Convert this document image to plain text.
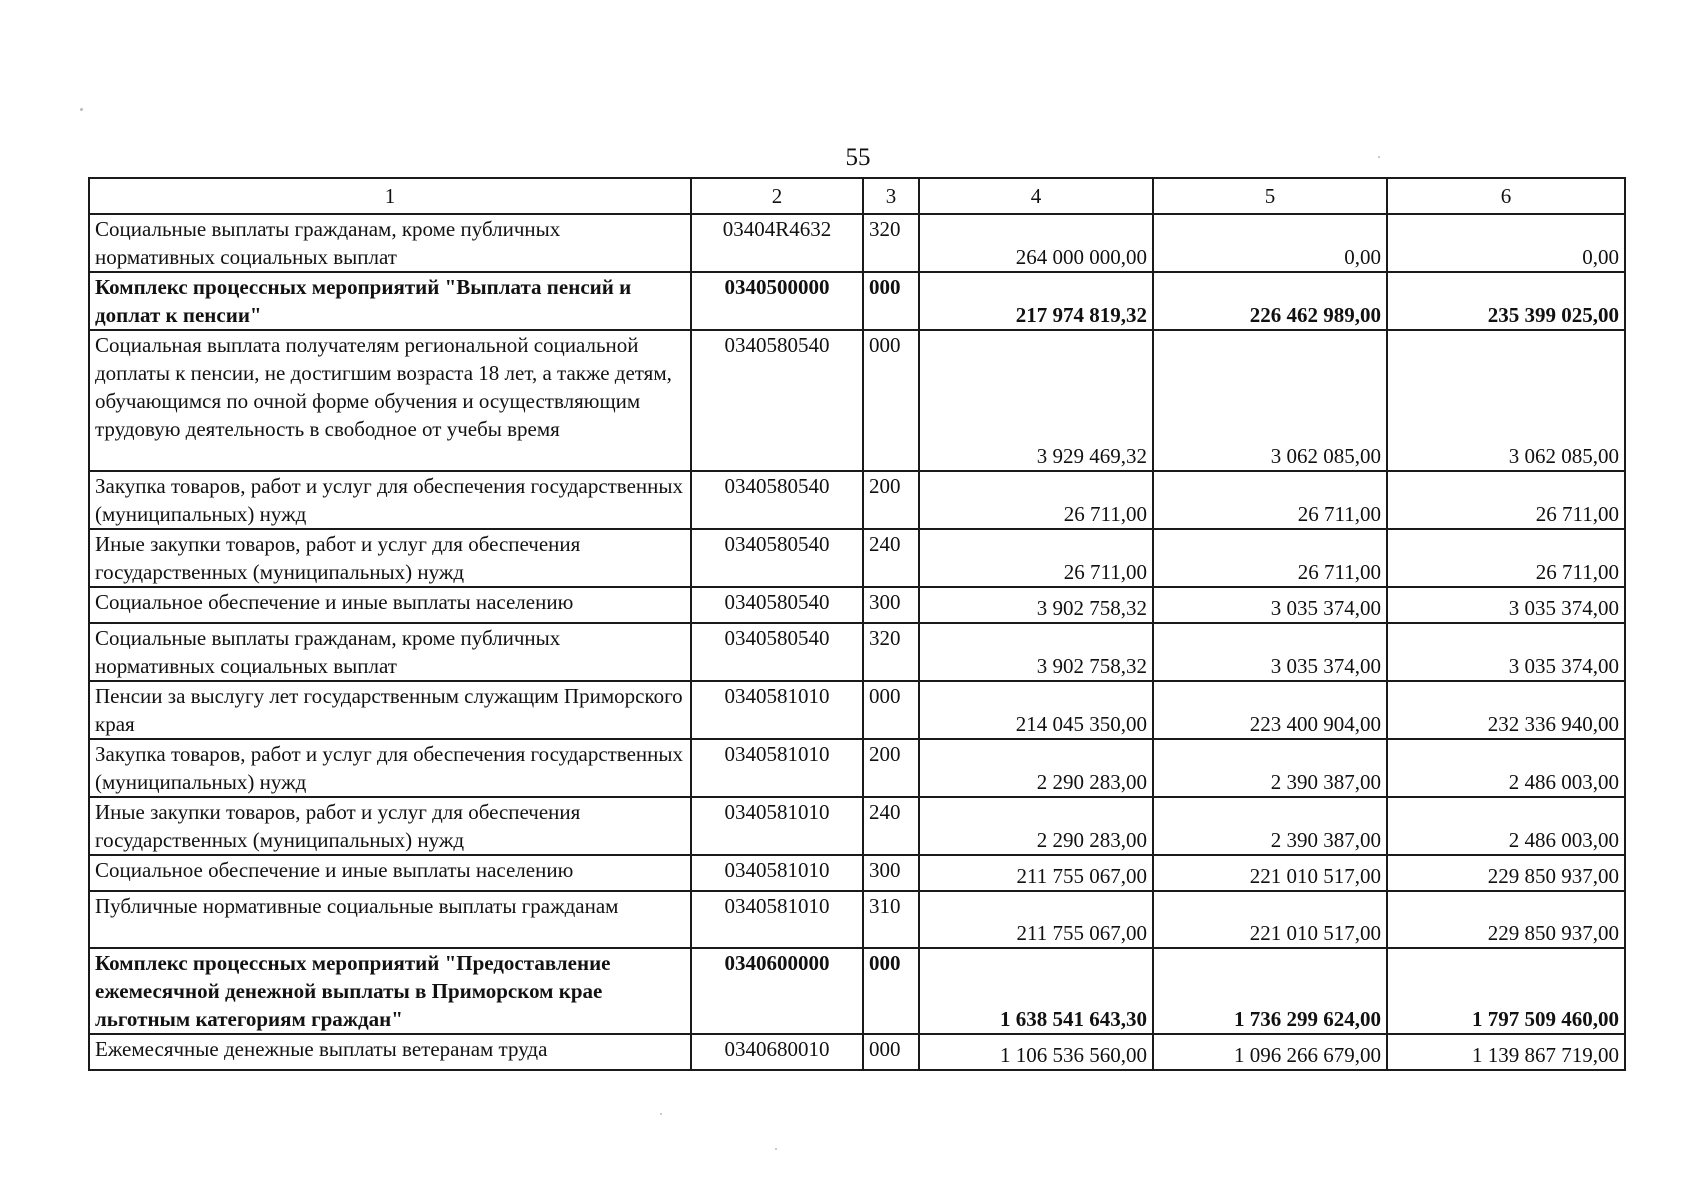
55
1	2	3	4	5	6
Социальные выплаты гражданам, кроме публичных нормативных социальных выплат	03404R4632	320	264 000 000,00	0,00	0,00
Комплекс процессных мероприятий "Выплата пенсий и доплат к пенсии"	0340500000	000	217 974 819,32	226 462 989,00	235 399 025,00
Социальная выплата получателям региональной социальной доплаты к пенсии, не достигшим возраста 18 лет, а также детям, обучающимся по очной форме обучения и осуществляющим трудовую деятельность в свободное от учебы время	0340580540	000	3 929 469,32	3 062 085,00	3 062 085,00
Закупка товаров, работ и услуг для обеспечения государственных (муниципальных) нужд	0340580540	200	26 711,00	26 711,00	26 711,00
Иные закупки товаров, работ и услуг для обеспечения государственных (муниципальных) нужд	0340580540	240	26 711,00	26 711,00	26 711,00
Социальное обеспечение и иные выплаты населению	0340580540	300	3 902 758,32	3 035 374,00	3 035 374,00
Социальные выплаты гражданам, кроме публичных нормативных социальных выплат	0340580540	320	3 902 758,32	3 035 374,00	3 035 374,00
Пенсии за выслугу лет государственным служащим Приморского края	0340581010	000	214 045 350,00	223 400 904,00	232 336 940,00
Закупка товаров, работ и услуг для обеспечения государственных (муниципальных) нужд	0340581010	200	2 290 283,00	2 390 387,00	2 486 003,00
Иные закупки товаров, работ и услуг для обеспечения государственных (муниципальных) нужд	0340581010	240	2 290 283,00	2 390 387,00	2 486 003,00
Социальное обеспечение и иные выплаты населению	0340581010	300	211 755 067,00	221 010 517,00	229 850 937,00
Публичные нормативные социальные выплаты гражданам	0340581010	310	211 755 067,00	221 010 517,00	229 850 937,00
Комплекс процессных мероприятий "Предоставление ежемесячной денежной выплаты в Приморском крае льготным категориям граждан"	0340600000	000	1 638 541 643,30	1 736 299 624,00	1 797 509 460,00
Ежемесячные денежные выплаты ветеранам труда	0340680010	000	1 106 536 560,00	1 096 266 679,00	1 139 867 719,00
